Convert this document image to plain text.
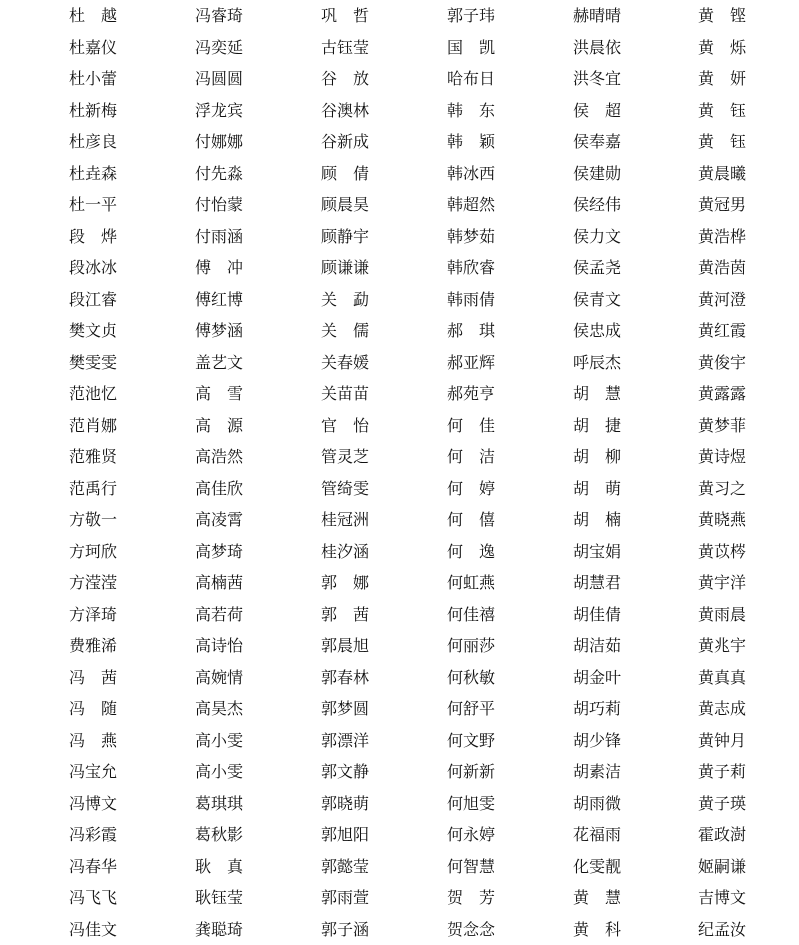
杜　越	冯睿琦	巩　哲	郭子玮	赫晴晴	黄　铿
杜嘉仪	冯奕延	古钰莹	国　凯	洪晨依	黄　烁
杜小蕾	冯圆圆	谷　放	哈布日	洪冬宜	黄　妍
杜新梅	浮龙宾	谷澳林	韩　东	侯　超	黄　钰
杜彦良	付娜娜	谷新成	韩　颖	侯奉嘉	黄　钰
杜垚森	付先淼	顾　倩	韩冰西	侯建勋	黄晨曦
杜一平	付怡蒙	顾晨昊	韩超然	侯经伟	黄冠男
段　烨	付雨涵	顾静宇	韩梦茹	侯力文	黄浩桦
段冰冰	傅　冲	顾谦谦	韩欣睿	侯孟尧	黄浩茵
段江睿	傅红博	关　勐	韩雨倩	侯青文	黄河澄
樊文贞	傅梦涵	关　儒	郝　琪	侯忠成	黄红霞
樊雯雯	盖艺文	关春媛	郝亚辉	呼辰杰	黄俊宇
范池忆	高　雪	关苗苗	郝苑亨	胡　慧	黄露露
范肖娜	高　源	官　怡	何　佳	胡　捷	黄梦菲
范雅贤	高浩然	管灵芝	何　洁	胡　柳	黄诗煜
范禹行	高佳欣	管绮雯	何　婷	胡　萌	黄习之
方敬一	高凌霄	桂冠洲	何　僖	胡　楠	黄晓燕
方珂欣	高梦琦	桂汐涵	何　逸	胡宝娟	黄苡梣
方滢滢	高楠茜	郭　娜	何虹燕	胡慧君	黄宇洋
方泽琦	高若荷	郭　茜	何佳禧	胡佳倩	黄雨晨
费雅浠	高诗怡	郭晨旭	何丽莎	胡洁茹	黄兆宇
冯　茜	高婉情	郭春林	何秋敏	胡金叶	黄真真
冯　随	高昊杰	郭梦圆	何舒平	胡巧莉	黄志成
冯　燕	高小雯	郭漂洋	何文野	胡少锋	黄钟月
冯宝允	高小雯	郭文静	何新新	胡素洁	黄子莉
冯博文	葛琪琪	郭晓萌	何旭雯	胡雨微	黄子瑛
冯彩霞	葛秋影	郭旭阳	何永婷	花福雨	霍政澍
冯春华	耿　真	郭懿莹	何智慧	化雯靓	姬嗣谦
冯飞飞	耿钰莹	郭雨萱	贺　芳	黄　慧	吉博文
冯佳文	龚聪琦	郭子涵	贺念念	黄　科	纪孟汝
